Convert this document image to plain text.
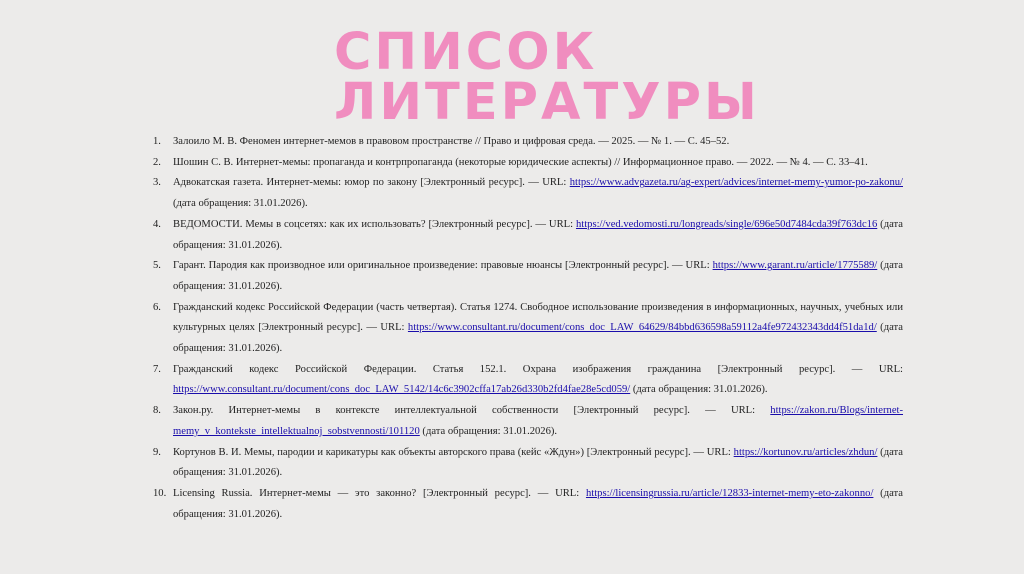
СПИСОК
ЛИТЕРАТУРЫ
1.	Залоило М. В. Феномен интернет-мемов в правовом пространстве // Право и цифровая среда. — 2025. — № 1. — С. 45–52.
2.	Шошин С. В. Интернет-мемы: пропаганда и контрпропаганда (некоторые юридические аспекты) // Информационное право. — 2022. — № 4. — С. 33–41.
3.	Адвокатская газета. Интернет-мемы: юмор по закону [Электронный ресурс]. — URL: https://www.advgazeta.ru/ag-expert/advices/internet-memy-yumor-po-zakonu/ (дата обращения: 31.01.2026).
4.	ВЕДОМОСТИ. Мемы в соцсетях: как их использовать? [Электронный ресурс]. — URL: https://ved.vedomosti.ru/longreads/single/696e50d7484cda39f763dc16 (дата обращения: 31.01.2026).
5.	Гарант. Пародия как производное или оригинальное произведение: правовые нюансы [Электронный ресурс]. — URL: https://www.garant.ru/article/1775589/ (дата обращения: 31.01.2026).
6.	Гражданский кодекс Российской Федерации (часть четвертая). Статья 1274. Свободное использование произведения в информационных, научных, учебных или культурных целях [Электронный ресурс]. — URL: https://www.consultant.ru/document/cons_doc_LAW_64629/84bbd636598a59112a4fe972432343dd4f51da1d/ (дата обращения: 31.01.2026).
7.	Гражданский кодекс Российской Федерации. Статья 152.1. Охрана изображения гражданина [Электронный ресурс]. — URL: https://www.consultant.ru/document/cons_doc_LAW_5142/14c6c3902cffa17ab26d330b2fd4fae28e5cd059/ (дата обращения: 31.01.2026).
8.	Закон.ру. Интернет-мемы в контексте интеллектуальной собственности [Электронный ресурс]. — URL: https://zakon.ru/Blogs/internet-memy_v_kontekste_intellektualnoj_sobstvennosti/101120 (дата обращения: 31.01.2026).
9.	Кортунов В. И. Мемы, пародии и карикатуры как объекты авторского права (кейс «Ждун») [Электронный ресурс]. — URL: https://kortunov.ru/articles/zhdun/ (дата обращения: 31.01.2026).
10. Licensing Russia. Интернет-мемы — это законно? [Электронный ресурс]. — URL: https://licensingrussia.ru/article/12833-internet-memy-eto-zakonno/ (дата обращения: 31.01.2026).
